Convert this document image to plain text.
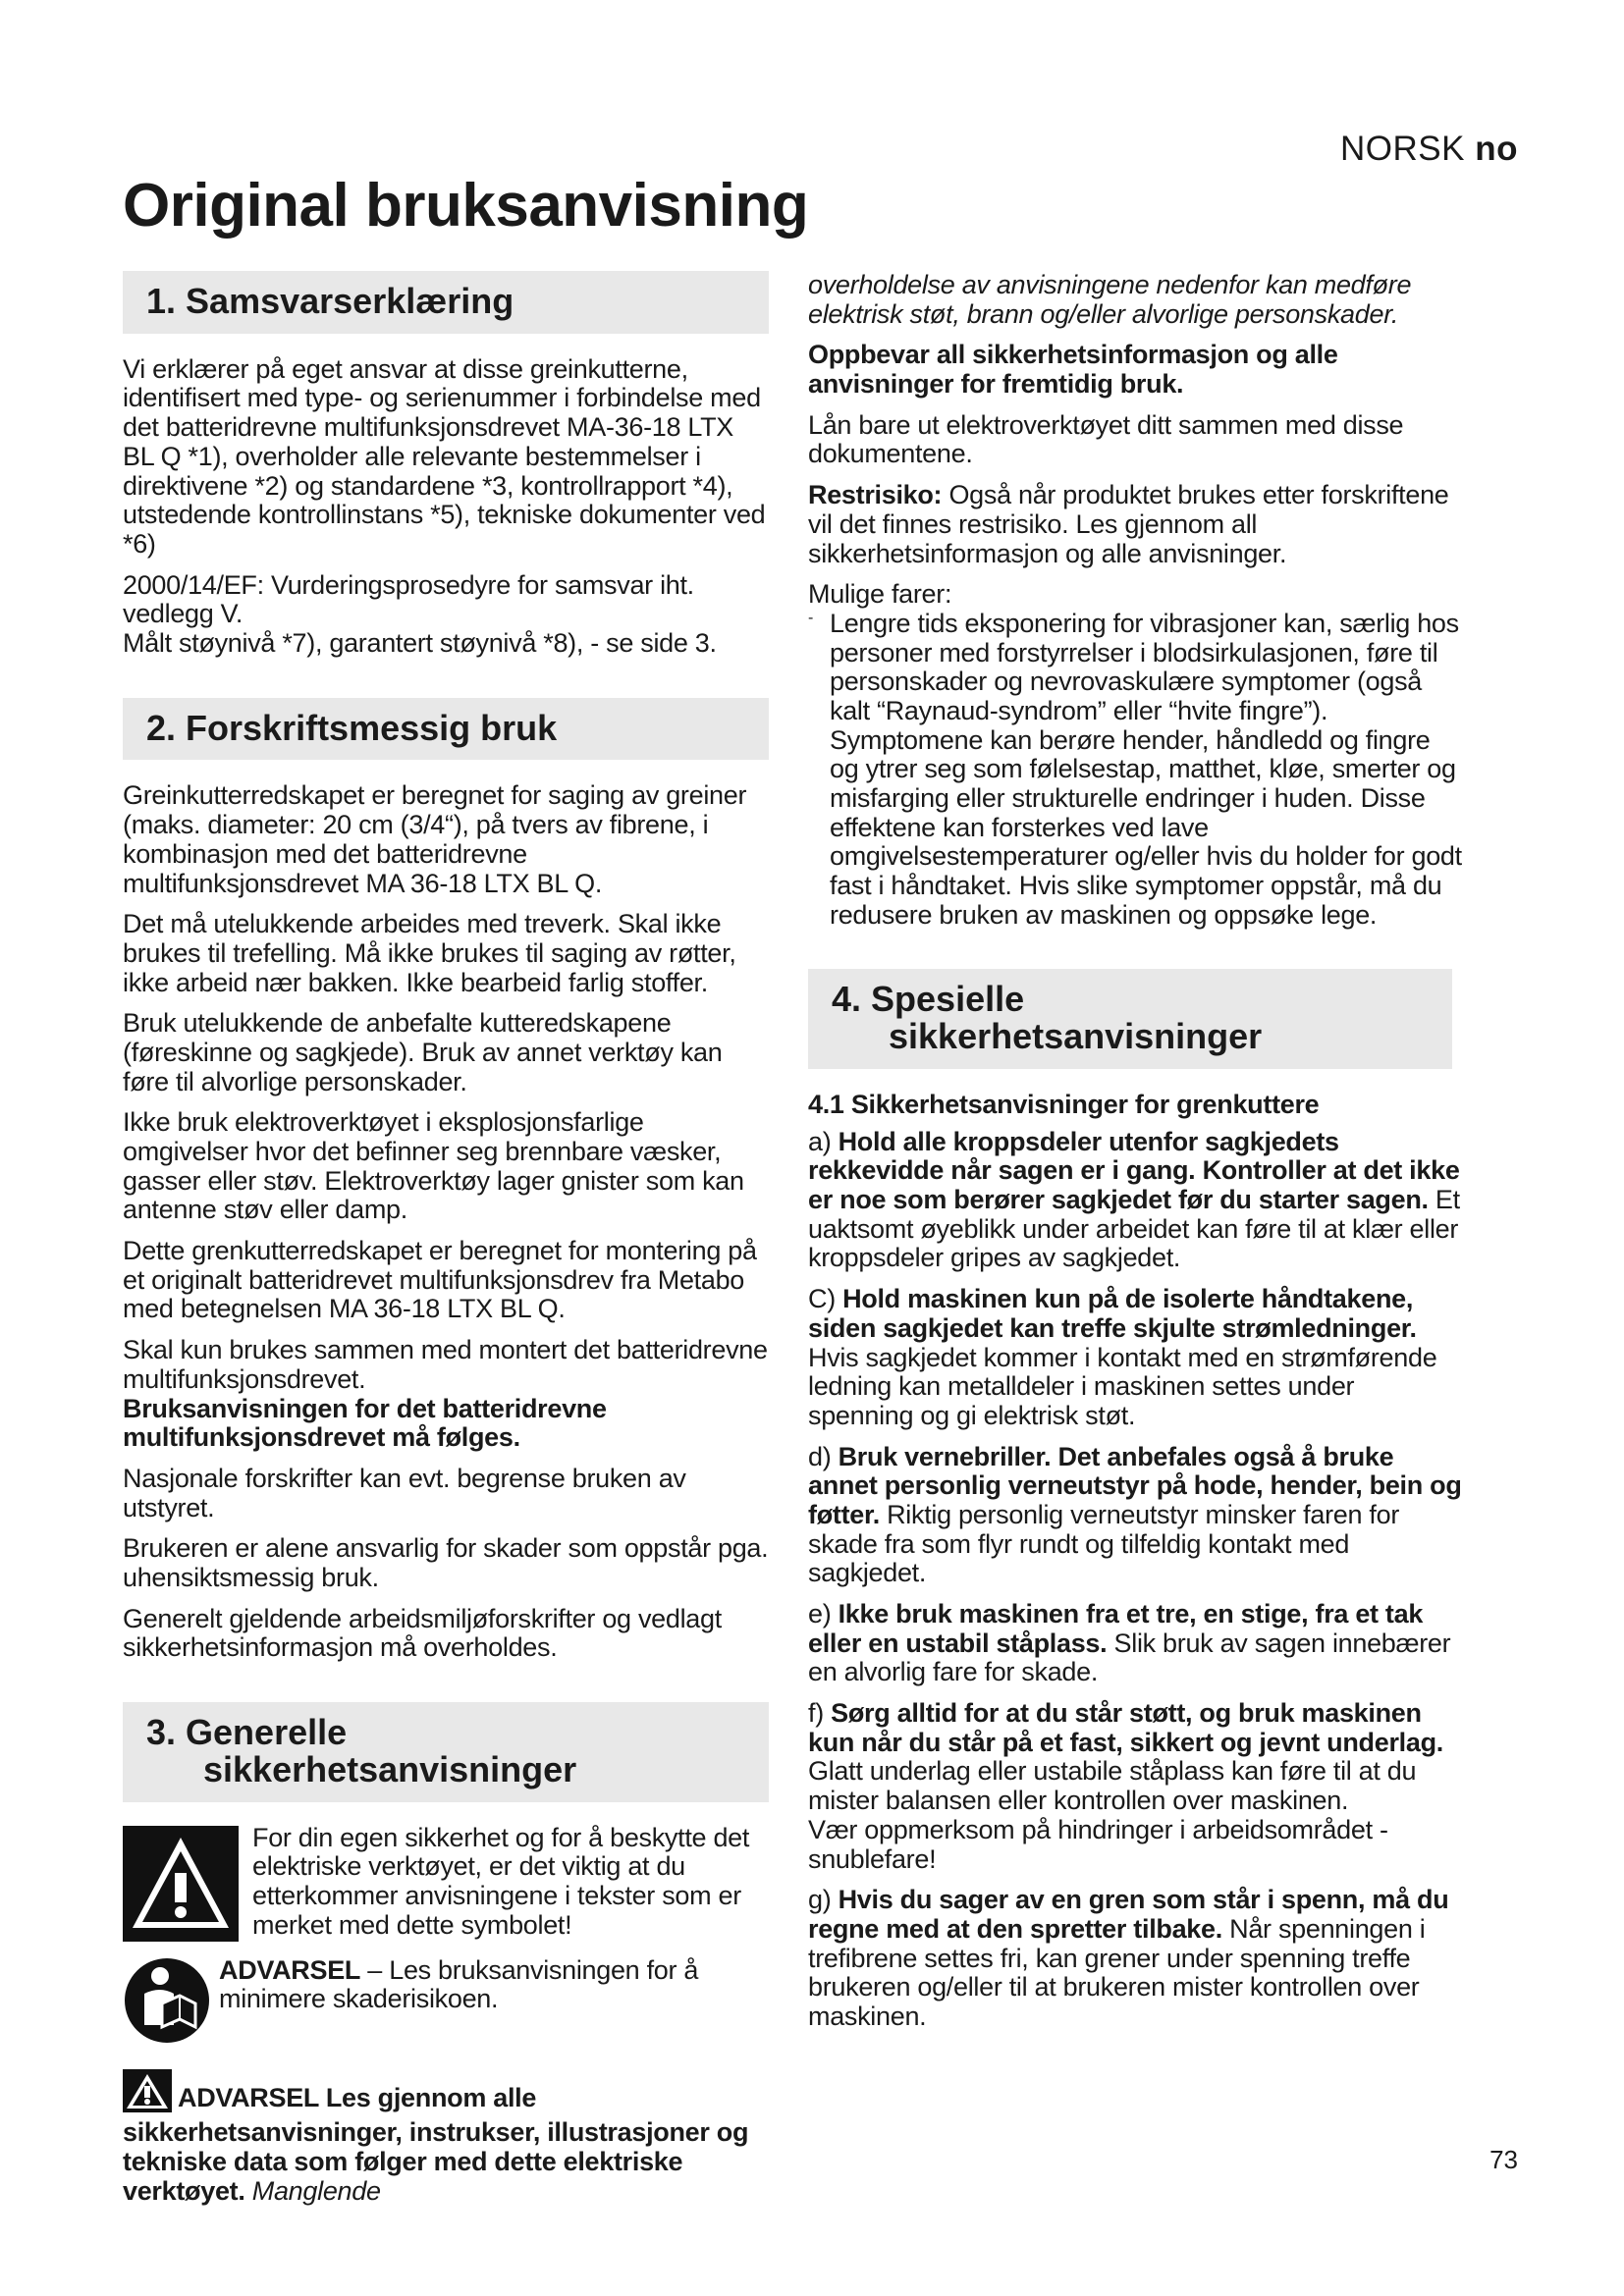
NORSK no
Original bruksanvisning
1. Samsvarserklæring

Vi erklærer på eget ansvar at disse greinkutterne, identifisert med type- og serienummer i forbindelse med det batteridrevne multifunksjonsdrevet MA-36-18 LTX BL Q *1), overholder alle relevante bestemmelser i direktivene *2) og standardene *3, kontrollrapport *4), utstedende kontrollinstans *5), tekniske dokumenter ved *6)

2000/14/EF: Vurderingsprosedyre for samsvar iht. vedlegg V.

Målt støynivå *7), garantert støynivå *8), - se side 3.

2. Forskriftsmessig bruk

Greinkutterredskapet er beregnet for saging av greiner (maks. diameter: 20 cm (3/4“), på tvers av fibrene, i kombinasjon med det batteridrevne multifunksjonsdrevet MA 36-18 LTX BL Q.

Det må utelukkende arbeides med treverk. Skal ikke brukes til trefelling. Må ikke brukes til saging av røtter, ikke arbeid nær bakken. Ikke bearbeid farlig stoffer.

Bruk utelukkende de anbefalte kutteredskapene (føreskinne og sagkjede). Bruk av annet verktøy kan føre til alvorlige personskader.

Ikke bruk elektroverktøyet i eksplosjonsfarlige omgivelser hvor det befinner seg brennbare væsker, gasser eller støv. Elektroverktøy lager gnister som kan antenne støv eller damp.

Dette grenkutterredskapet er beregnet for montering på et originalt batteridrevet multifunksjonsdrev fra Metabo med betegnelsen MA 36-18 LTX BL Q.

Skal kun brukes sammen med montert det batteridrevne multifunksjonsdrevet.
Bruksanvisningen for det batteridrevne multifunksjonsdrevet må følges.

Nasjonale forskrifter kan evt. begrense bruken av utstyret.

Brukeren er alene ansvarlig for skader som oppstår pga. uhensiktsmessig bruk.

Generelt gjeldende arbeidsmiljøforskrifter og vedlagt sikkerhetsinformasjon må overholdes.

3. Generelle
sikkerhetsanvisninger

For din egen sikkerhet og for å beskytte det elektriske verktøyet, er det viktig at du etterkommer anvisningene i tekster som er merket med dette symbolet!

ADVARSEL – Les bruksanvisningen for å minimere skaderisikoen.

ADVARSEL Les gjennom alle sikkerhetsanvisninger, instrukser, illustrasjoner og tekniske data som følger med dette elektriske verktøyet. Manglende

overholdelse av anvisningene nedenfor kan medføre elektrisk støt, brann og/eller alvorlige personskader.

Oppbevar all sikkerhetsinformasjon og alle anvisninger for fremtidig bruk.

Lån bare ut elektroverktøyet ditt sammen med disse dokumentene.

Restrisiko: Også når produktet brukes etter forskriftene vil det finnes restrisiko. Les gjennom all sikkerhetsinformasjon og alle anvisninger.

Mulige farer:

- Lengre tids eksponering for vibrasjoner kan, særlig hos personer med forstyrrelser i blodsirkulasjonen, føre til personskader og nevrovaskulære symptomer (også kalt “Raynaud-syndrom” eller “hvite fingre”). Symptomene kan berøre hender, håndledd og fingre og ytrer seg som følelsestap, matthet, kløe, smerter og misfarging eller strukturelle endringer i huden. Disse effektene kan forsterkes ved lave omgivelsestemperaturer og/eller hvis du holder for godt fast i håndtaket. Hvis slike symptomer oppstår, må du redusere bruken av maskinen og oppsøke lege.

4. Spesielle
sikkerhetsanvisninger

4.1 Sikkerhetsanvisninger for grenkuttere

a) Hold alle kroppsdeler utenfor sagkjedets rekkevidde når sagen er i gang. Kontroller at det ikke er noe som berører sagkjedet før du starter sagen. Et uaktsomt øyeblikk under arbeidet kan føre til at klær eller kroppsdeler gripes av sagkjedet.

C) Hold maskinen kun på de isolerte håndtakene, siden sagkjedet kan treffe skjulte strømledninger. Hvis sagkjedet kommer i kontakt med en strømførende ledning kan metalldeler i maskinen settes under spenning og gi elektrisk støt.

d) Bruk vernebriller. Det anbefales også å bruke annet personlig verneutstyr på hode, hender, bein og føtter. Riktig personlig verneutstyr minsker faren for skade fra som flyr rundt og tilfeldig kontakt med sagkjedet.

e) Ikke bruk maskinen fra et tre, en stige, fra et tak eller en ustabil ståplass. Slik bruk av sagen innebærer en alvorlig fare for skade.

f) Sørg alltid for at du står støtt, og bruk maskinen kun når du står på et fast, sikkert og jevnt underlag. Glatt underlag eller ustabile ståplass kan føre til at du mister balansen eller kontrollen over maskinen.

Vær oppmerksom på hindringer i arbeidsområdet - snublefare!

g) Hvis du sager av en gren som står i spenn, må du regne med at den spretter tilbake. Når spenningen i trefibrene settes fri, kan grener under spenning treffe brukeren og/eller til at brukeren mister kontrollen over maskinen.

73
